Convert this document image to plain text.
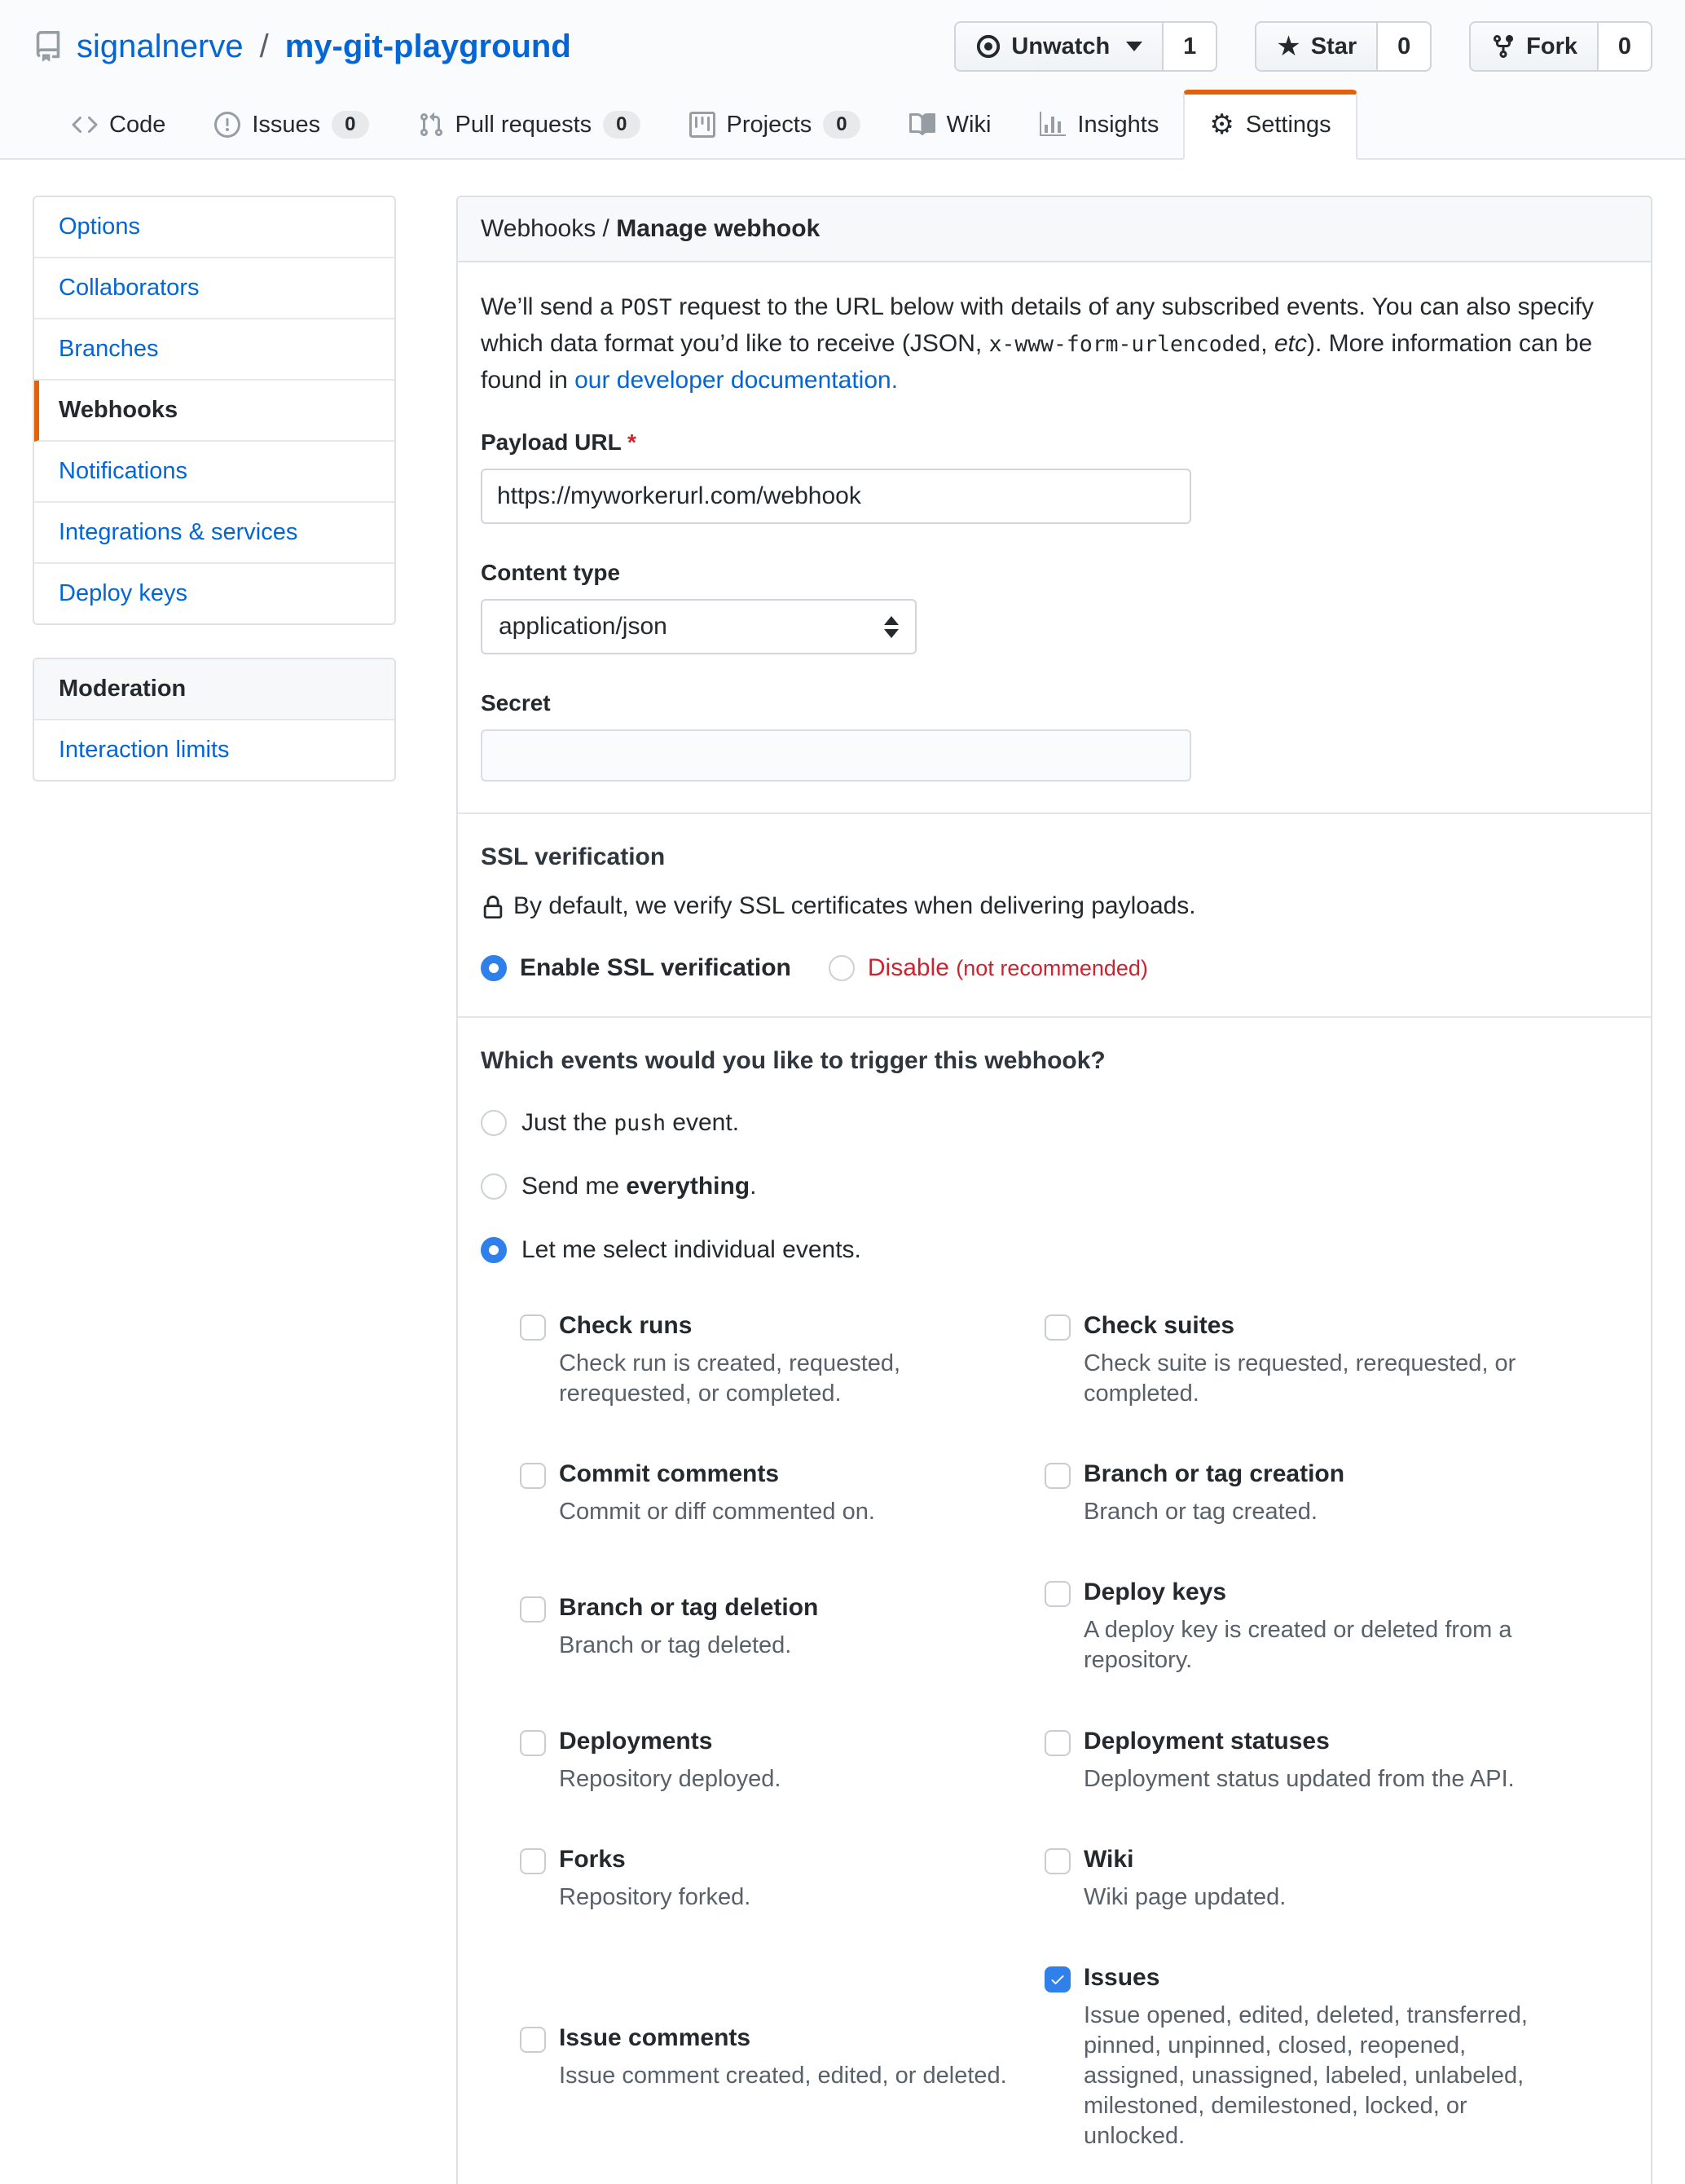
signalnerve / my-git-playground	Unwatch	1	★ Star	0	Fork	0
Code	Issues	0	Pull requests	0	Projects	0	Wiki	Insights ⚙ Settings
Options
Collaborators
Branches
Webhooks
Notifications
Integrations & services
Deploy keys
Moderation
Interaction limits
Webhooks / Manage webhook

We’ll send a POST request to the URL below with details of any subscribed events. You can also specify which data format you’d like to receive (JSON, x-www-form-urlencoded, etc). More information can be found in our developer documentation.

Payload URL *
https://myworkerurl.com/webhook
Content type
application/json
Secret
SSL verification
By default, we verify SSL certificates when delivering payloads.
Enable SSL verification	Disable (not recommended)
Which events would you like to trigger this webhook?
Just the push event.
Send me everything.
Let me select individual events.
Check runs
Check run is created, requested, rerequested, or completed.
Check suites
Check suite is requested, rerequested, or completed.
Commit comments
Commit or diff commented on.
Branch or tag creation
Branch or tag created.
Branch or tag deletion
Branch or tag deleted.
Deploy keys
A deploy key is created or deleted from a repository.
Deployments
Repository deployed.
Deployment statuses
Deployment status updated from the API.
Forks
Repository forked.
Wiki
Wiki page updated.
Issue comments
Issue comment created, edited, or deleted.
Issues
Issue opened, edited, deleted, transferred, pinned, unpinned, closed, reopened, assigned, unassigned, labeled, unlabeled, milestoned, demilestoned, locked, or unlocked.
